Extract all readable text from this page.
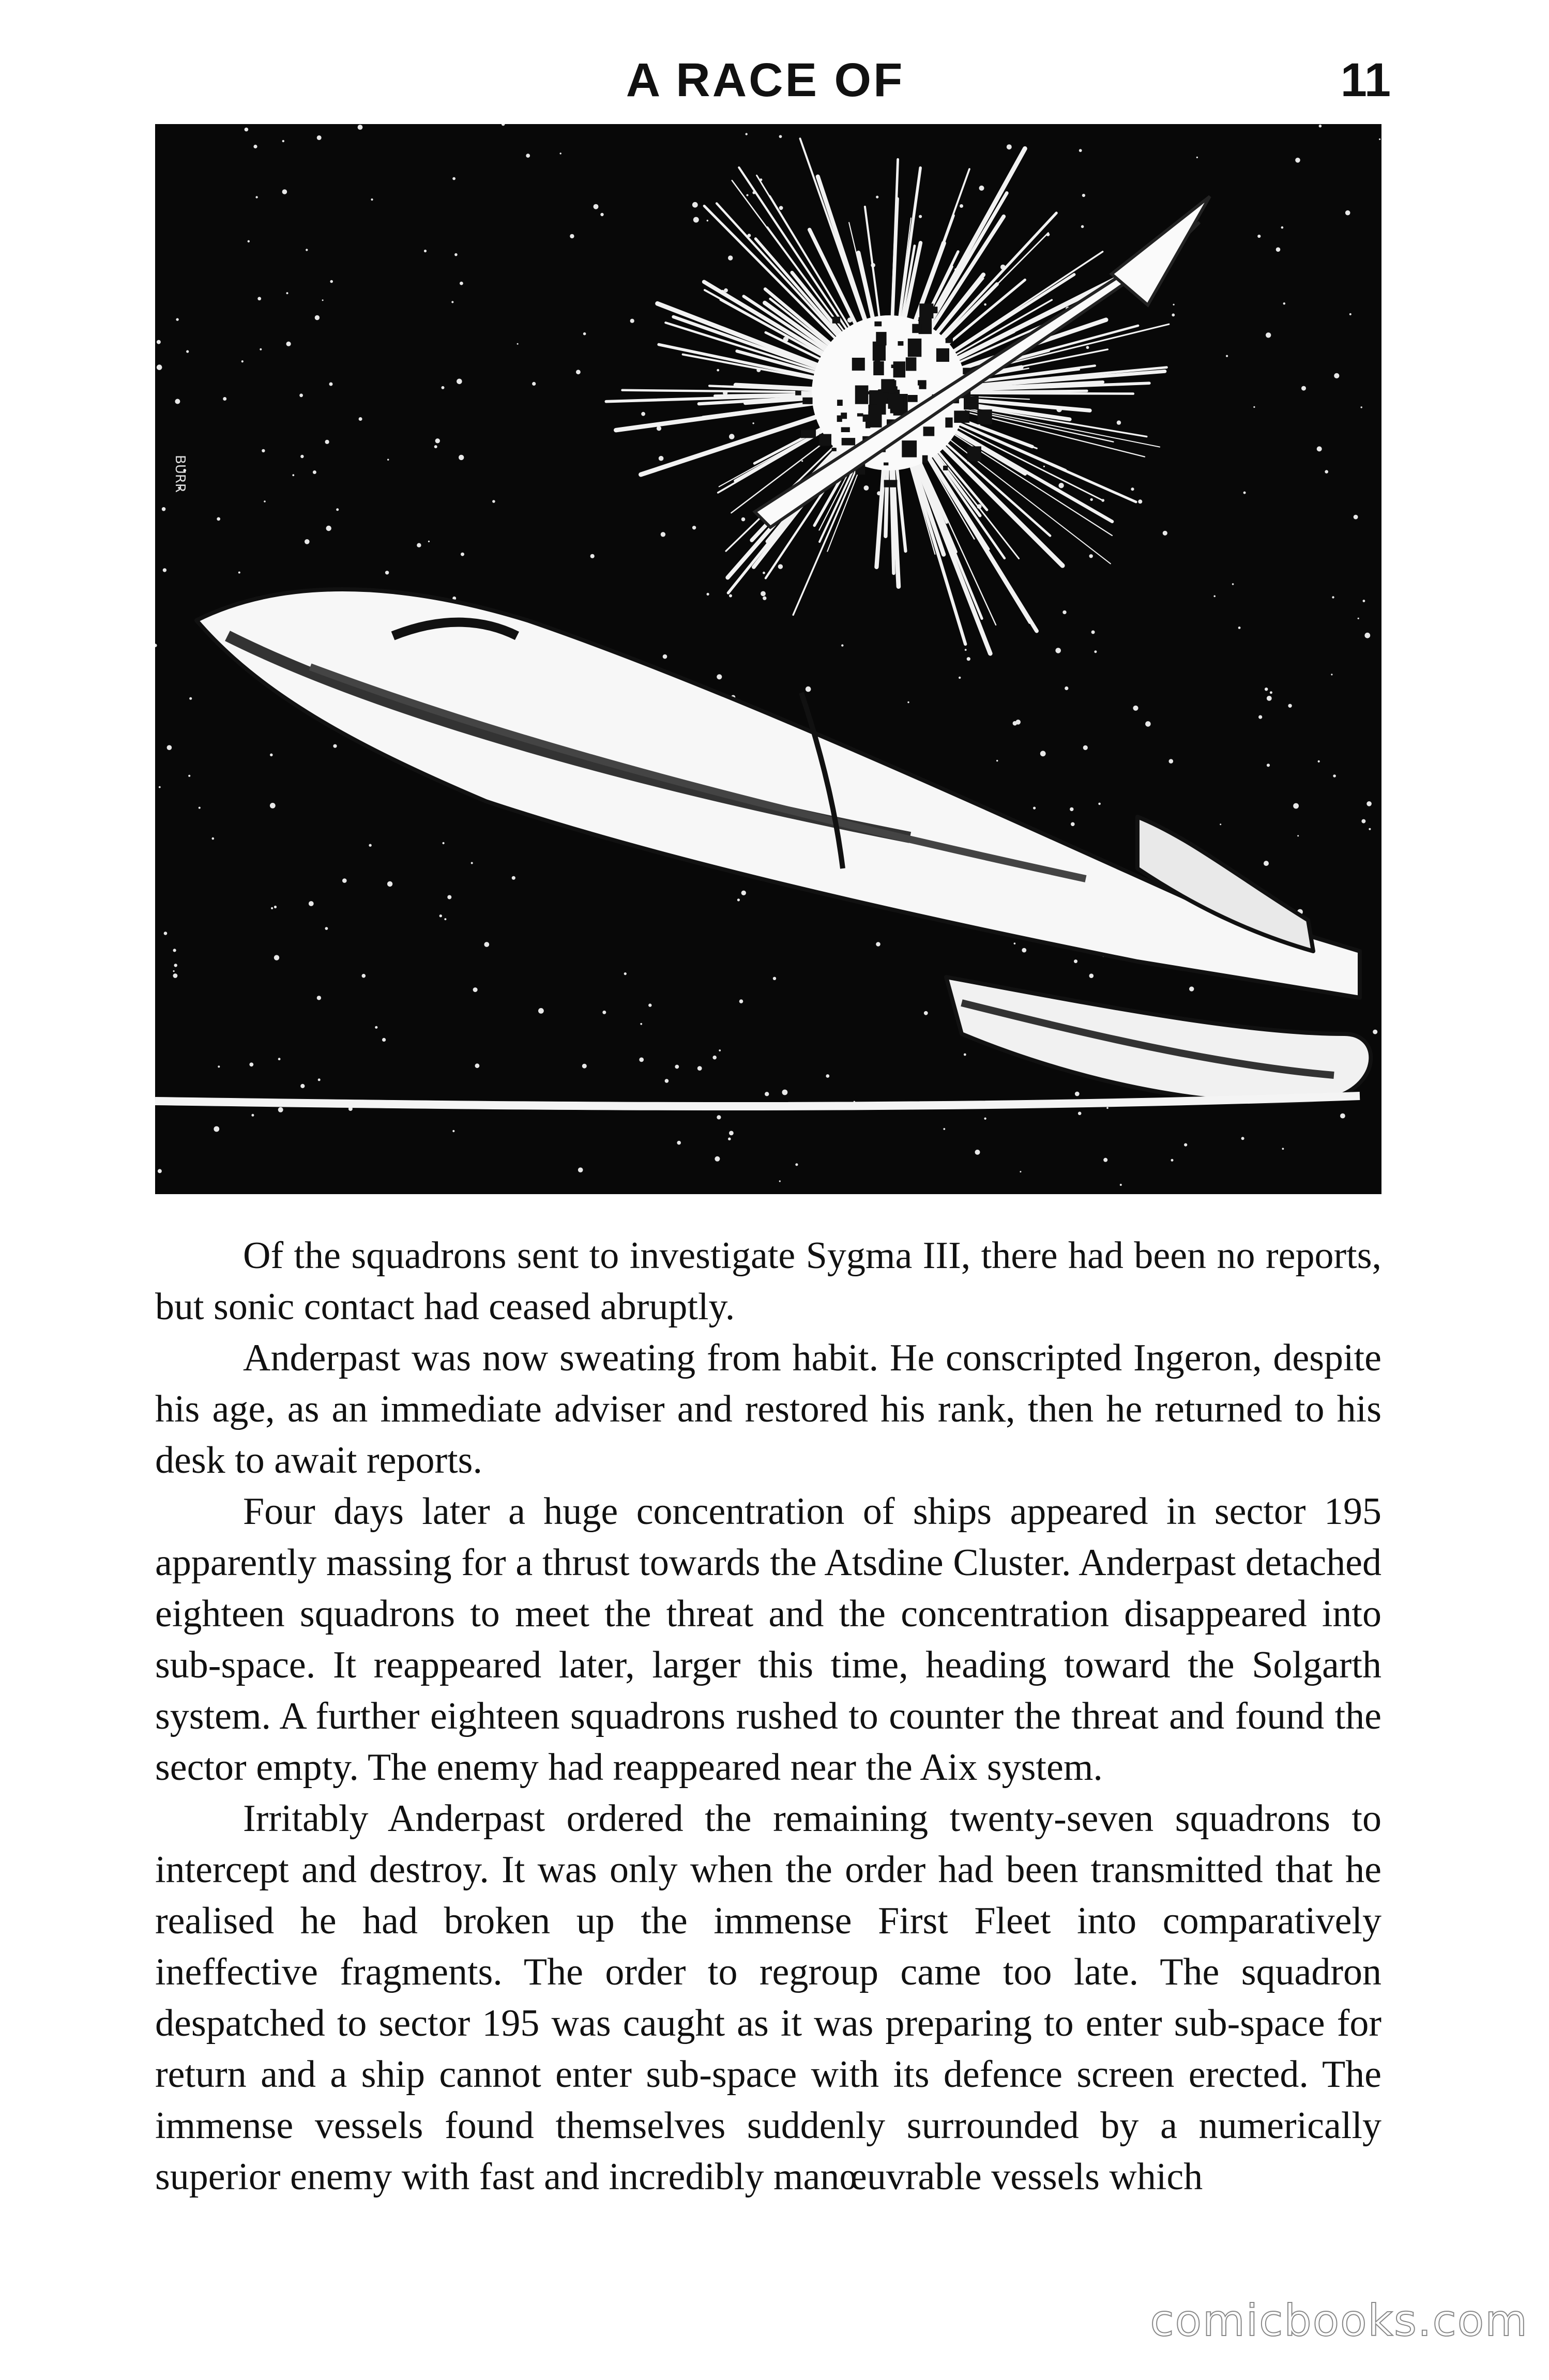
A RACE OF	11
BURR

Of the squadrons sent to investigate Sygma III, there had been no reports, but sonic contact had ceased abruptly.

Anderpast was now sweating from habit. He conscripted Ingeron, despite his age, as an immediate adviser and restored his rank, then he returned to his desk to await reports.

Four days later a huge concentration of ships appeared in sector 195 apparently massing for a thrust towards the Atsdine Cluster. Anderpast detached eighteen squadrons to meet the threat and the concentration disappeared into sub-space. It reappeared later, larger this time, heading toward the Solgarth system. A further eighteen squadrons rushed to counter the threat and found the sector empty. The enemy had reappeared near the Aix system.

Irritably Anderpast ordered the remaining twenty-seven squadrons to intercept and destroy. It was only when the order had been transmitted that he realised he had broken up the immense First Fleet into comparatively ineffective fragments. The order to regroup came too late. The squadron despatched to sector 195 was caught as it was preparing to enter sub-space for return and a ship cannot enter sub-space with its defence screen erected. The immense vessels found themselves suddenly surrounded by a numerically superior enemy with fast and incredibly manœuvrable vessels which

comicbooks.com
